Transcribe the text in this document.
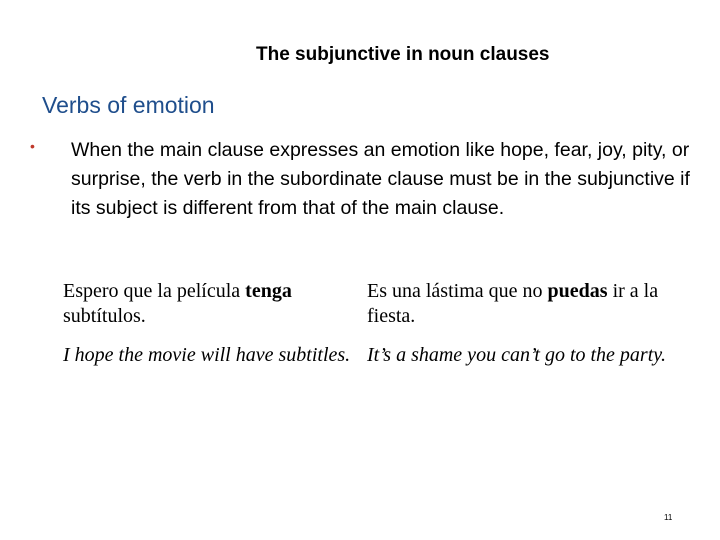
The subjunctive in noun clauses
Verbs of emotion
• When the main clause expresses an emotion like hope, fear, joy, pity, or surprise, the verb in the subordinate clause must be in the subjunctive if its subject is different from that of the main clause.
Espero que la película tenga subtítulos.
Es una lástima que no puedas ir a la fiesta.
I hope the movie will have subtitles. It’s a shame you can’t go to the party.
11
